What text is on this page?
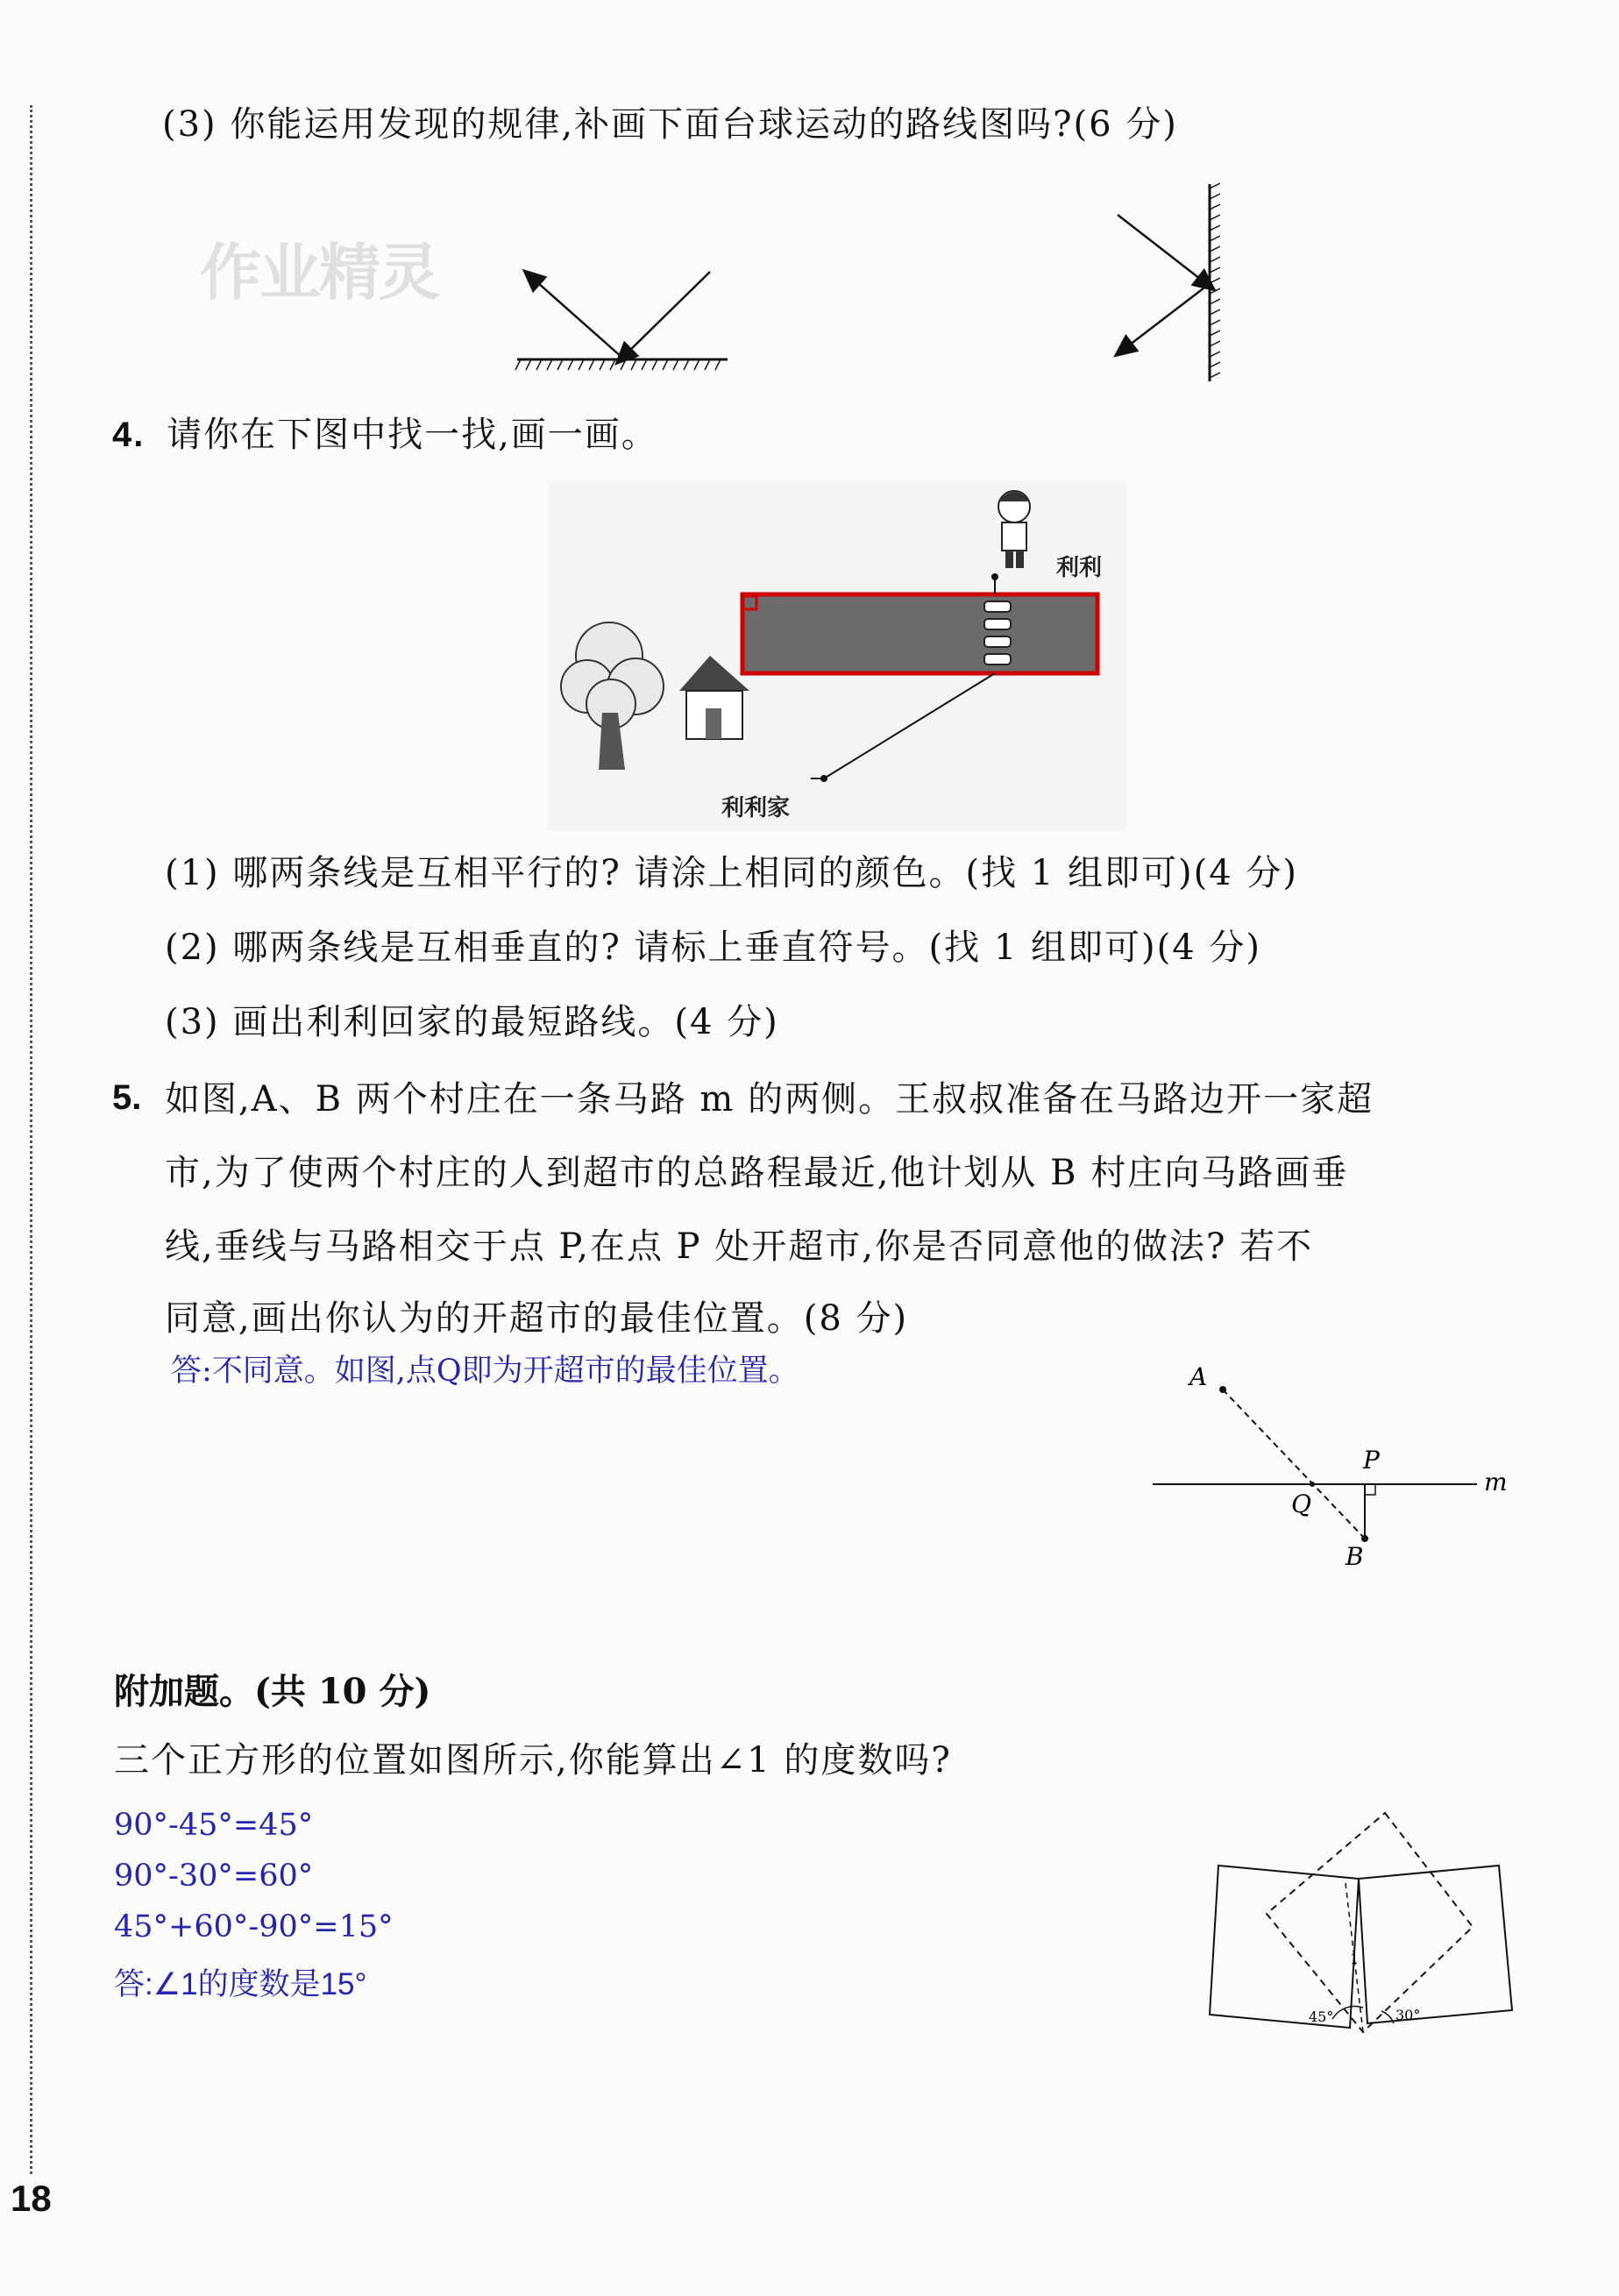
(3) 你能运用发现的规律,补画下面台球运动的路线图吗?(6 分)
作业精灵
4. 请你在下图中找一找,画一画。
利利
利利家
(1) 哪两条线是互相平行的? 请涂上相同的颜色。(找 1 组即可)(4 分)
(2) 哪两条线是互相垂直的? 请标上垂直符号。(找 1 组即可)(4 分)
(3) 画出利利回家的最短路线。(4 分)
5. 如图,A、B 两个村庄在一条马路 m 的两侧。王叔叔准备在马路边开一家超
市,为了使两个村庄的人到超市的总路程最近,他计划从 B 村庄向马路画垂
线,垂线与马路相交于点 P,在点 P 处开超市,你是否同意他的做法? 若不
同意,画出你认为的开超市的最佳位置。(8 分)
答:不同意。如图,点Q即为开超市的最佳位置。	A
P
m
Q
B
附加题。(共 10 分)
三个正方形的位置如图所示,你能算出∠1 的度数吗?
90°-45°=45°
90°-30°=60°
45°+60°-90°=15°
答:∠1的度数是15°
45°	30°
1
18
